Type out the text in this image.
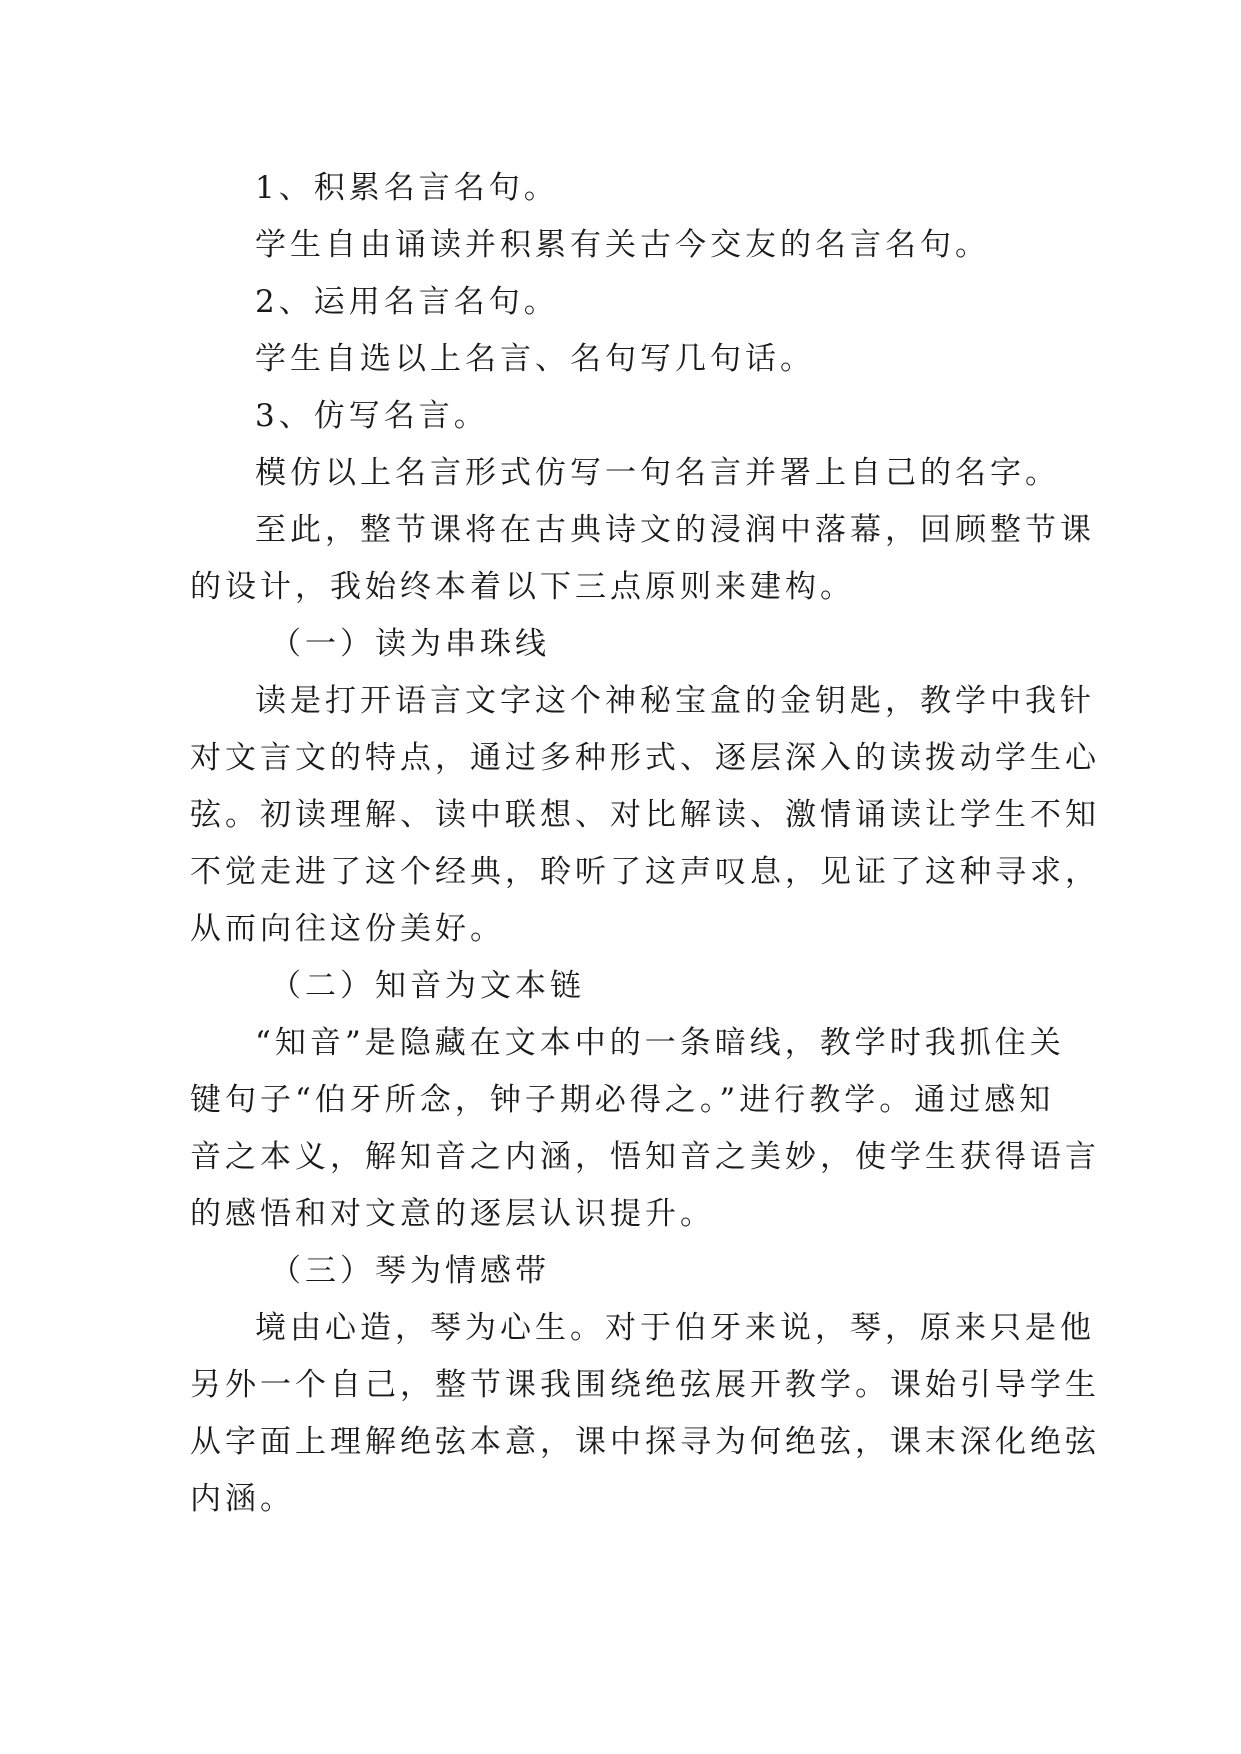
1、积累名言名句。

学生自由诵读并积累有关古今交友的名言名句。

2、运用名言名句。

学生自选以上名言、名句写几句话。

3、仿写名言。

模仿以上名言形式仿写一句名言并署上自己的名字。

至此，整节课将在古典诗文的浸润中落幕，回顾整节课

的设计，我始终本着以下三点原则来建构。

（一）读为串珠线

读是打开语言文字这个神秘宝盒的金钥匙，教学中我针

对文言文的特点，通过多种形式、逐层深入的读拨动学生心

弦。初读理解、读中联想、对比解读、激情诵读让学生不知

不觉走进了这个经典，聆听了这声叹息，见证了这种寻求，

从而向往这份美好。

（二）知音为文本链

“知音”是隐藏在文本中的一条暗线，教学时我抓住关

键句子“伯牙所念，钟子期必得之。”进行教学。通过感知

音之本义，解知音之内涵，悟知音之美妙，使学生获得语言

的感悟和对文意的逐层认识提升。

（三）琴为情感带

境由心造，琴为心生。对于伯牙来说，琴，原来只是他

另外一个自己，整节课我围绕绝弦展开教学。课始引导学生

从字面上理解绝弦本意，课中探寻为何绝弦，课末深化绝弦

内涵。
